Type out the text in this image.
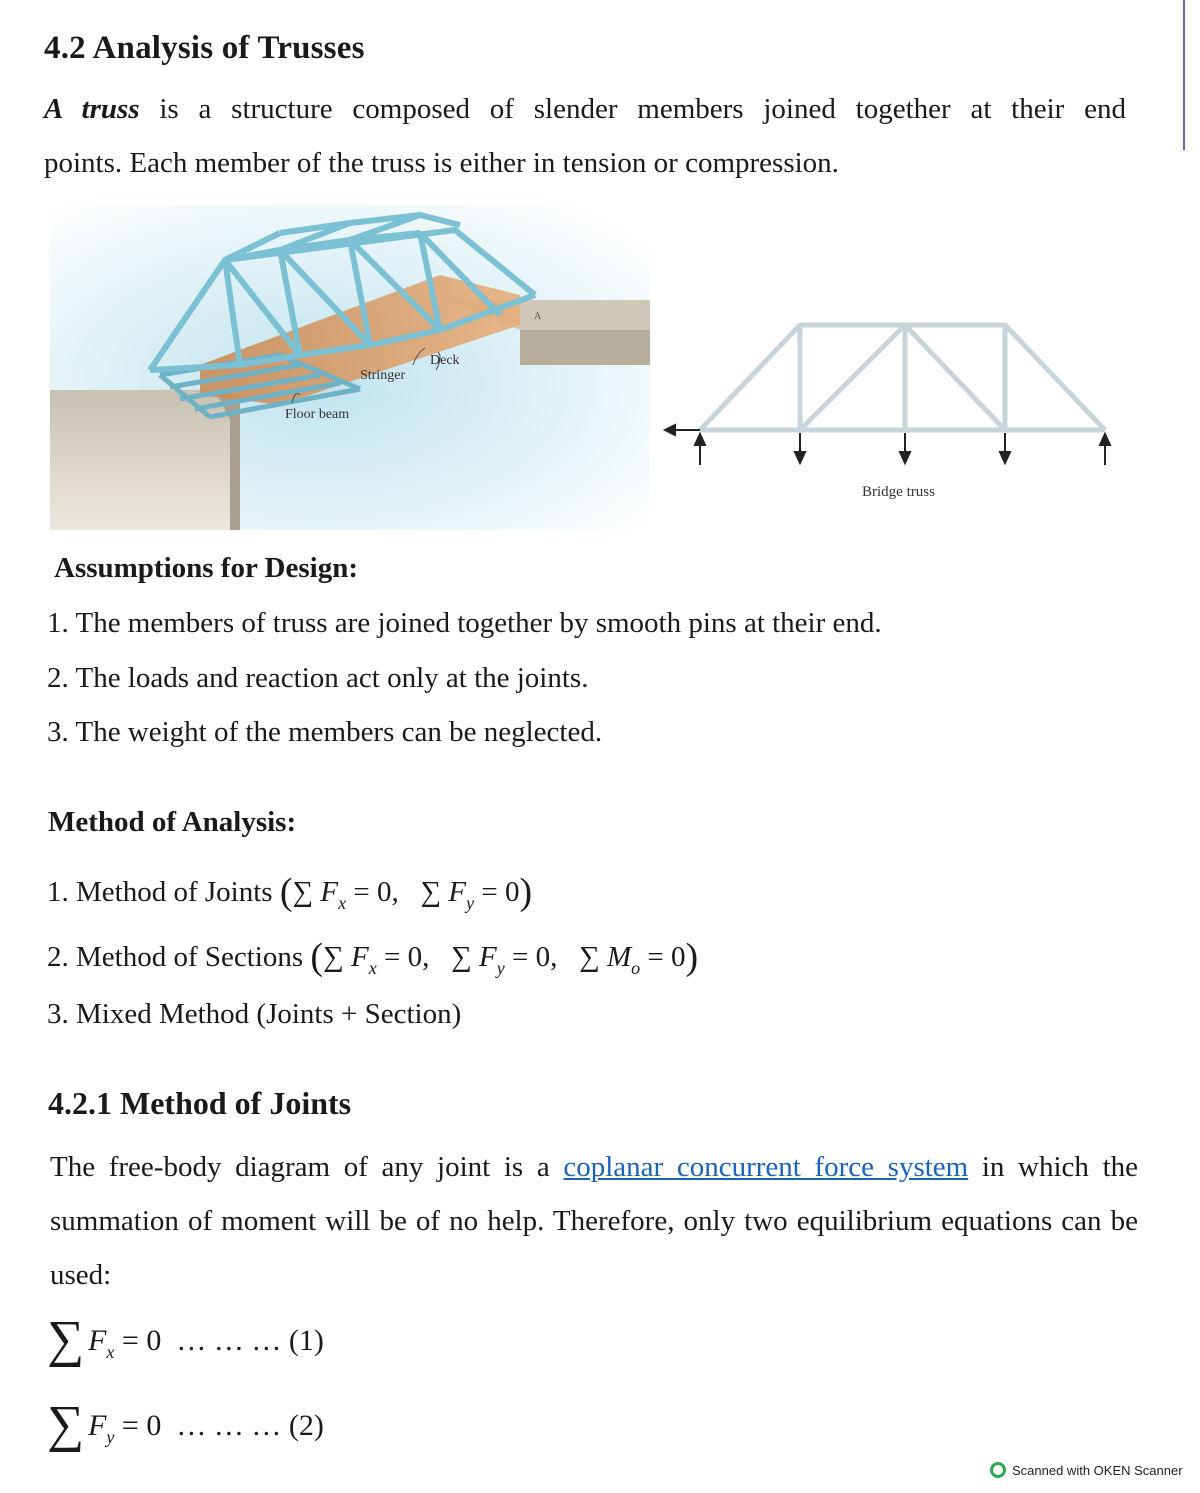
4.2 Analysis of Trusses
A truss is a structure composed of slender members joined together at their end
points. Each member of the truss is either in tension or compression.
Deck
Stringer
Floor beam
A
Bridge truss
Assumptions for Design:
1. The members of truss are joined together by smooth pins at their end.
2. The loads and reaction act only at the joints.
3. The weight of the members can be neglected.
Method of Analysis:
1. Method of Joints (∑ $F_x = 0$,   ∑ $F_y = 0$)
2. Method of Sections (∑ $F_x = 0$,   ∑ $F_y = 0$,   ∑ $M_o = 0$)
3. Mixed Method (Joints + Section)
4.2.1 Method of Joints
The free-body diagram of any joint is a coplanar concurrent force system in which the summation of moment will be of no help. Therefore, only two equilibrium equations can be used:
∑ $F_x = 0$  … … … (1)
∑ $F_y = 0$  … … … (2)
Scanned with OKEN Scanner
